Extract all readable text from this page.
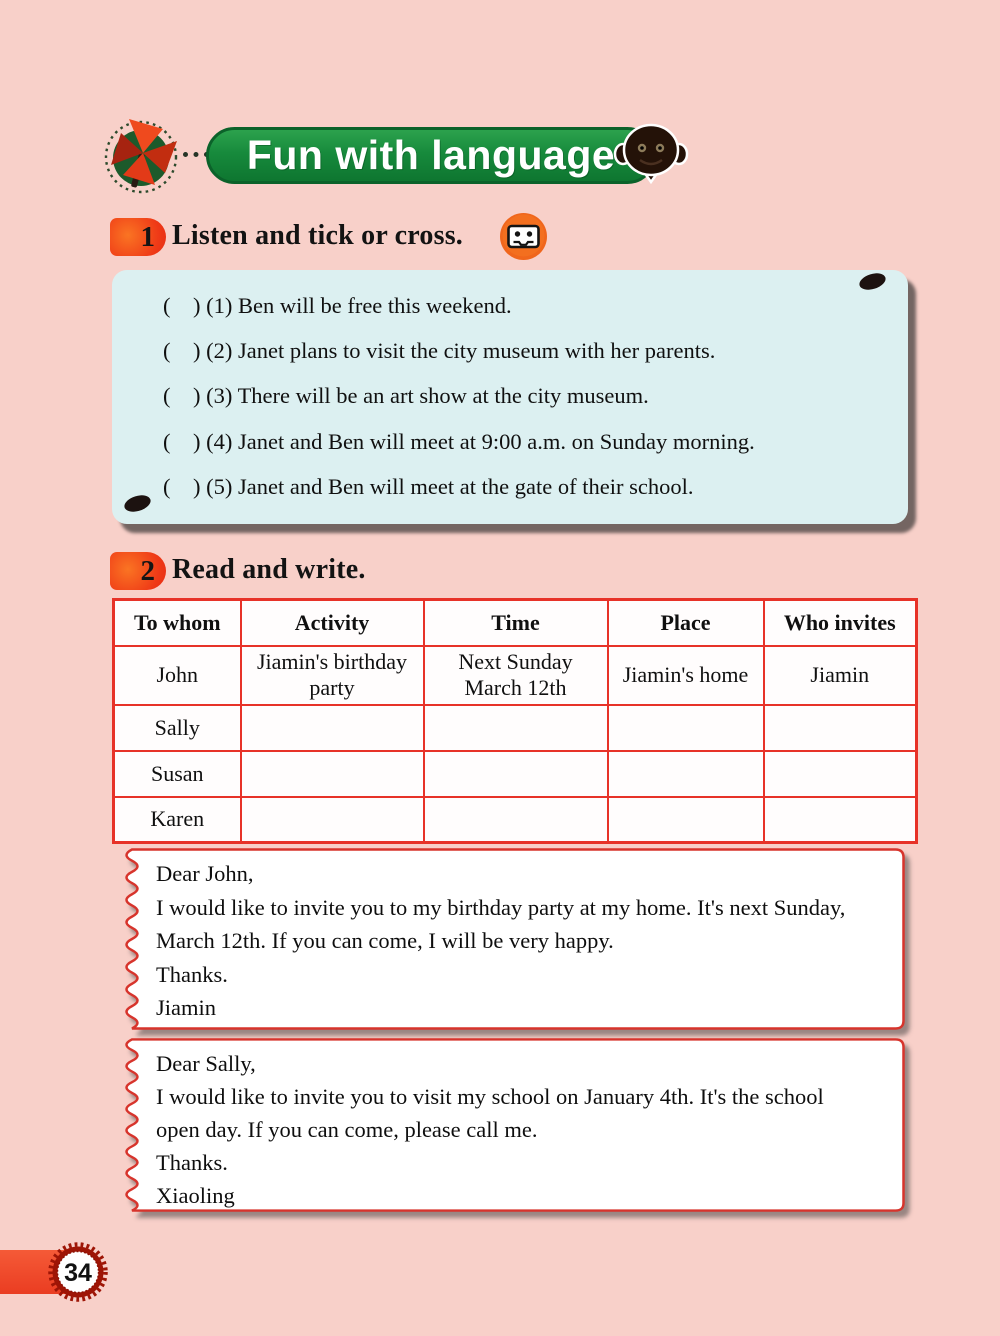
Fun with language
1 Listen and tick or cross.
(    ) (1) Ben will be free this weekend.
(    ) (2) Janet plans to visit the city museum with her parents.
(    ) (3) There will be an art show at the city museum.
(    ) (4) Janet and Ben will meet at 9:00 a.m. on Sunday morning.
(    ) (5) Janet and Ben will meet at the gate of their school.
2 Read and write.
To whom	Activity	Time	Place	Who invites
John	Jiamin's birthday party	Next Sunday March 12th	Jiamin's home	Jiamin
Sally				
Susan				
Karen				
Dear John,
I would like to invite you to my birthday party at my home. It's next Sunday,
March 12th. If you can come, I will be very happy.
Thanks.
Jiamin
Dear Sally,
I would like to invite you to visit my school on January 4th. It's the school
open day. If you can come, please call me.
Thanks.
Xiaoling
34
